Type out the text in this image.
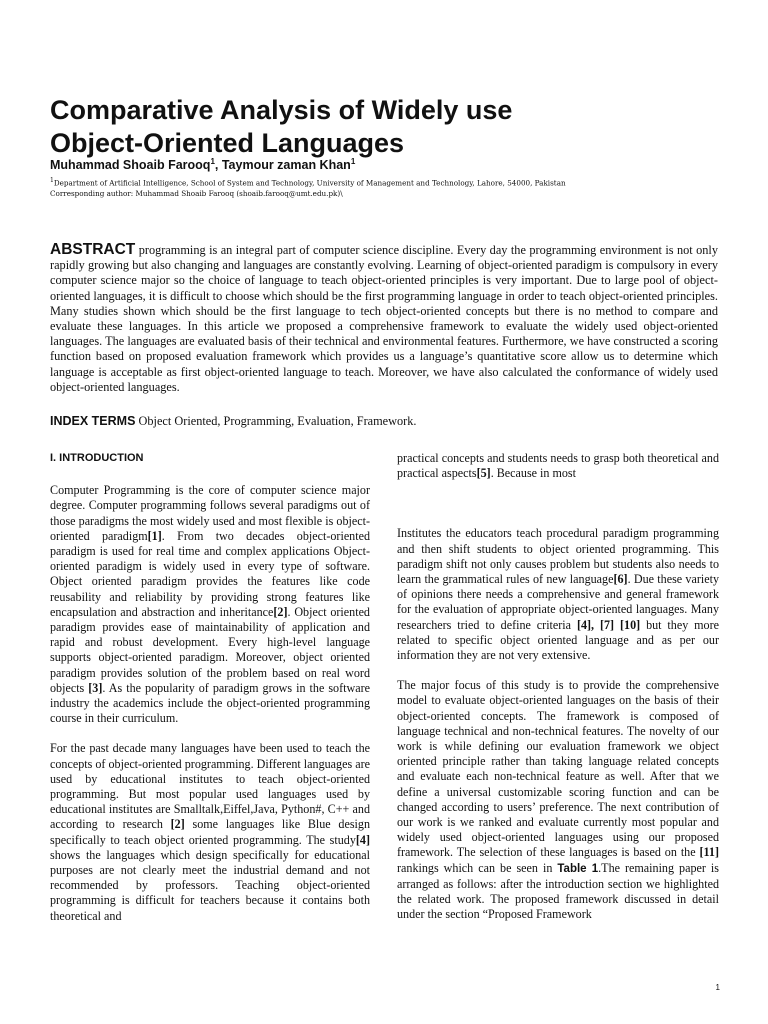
Comparative Analysis of Widely use
Object-Oriented Languages
Muhammad Shoaib Farooq$^1$, Taymour zaman Khan$^1$
$^1$Department of Artificial Intelligence, School of System and Technology, University of Management and Technology, Lahore, 54000, Pakistan
Corresponding author: Muhammad Shoaib Farooq (shoaib.farooq@umt.edu.pk)\

ABSTRACT programming is an integral part of computer science discipline. Every day the programming environment is not only rapidly growing but also changing and languages are constantly evolving. Learning of object-oriented paradigm is compulsory in every computer science major so the choice of language to teach object-oriented principles is very important. Due to large pool of object-oriented languages, it is difficult to choose which should be the first programming language in order to teach object-oriented principles. Many studies shown which should be the first language to tech object-oriented concepts but there is no method to compare and evaluate these languages. In this article we proposed a comprehensive framework to evaluate the widely used object-oriented languages. The languages are evaluated basis of their technical and environmental features. Furthermore, we have constructed a scoring function based on proposed evaluation framework which provides us a language’s quantitative score allow us to determine which language is acceptable as first object-oriented language to teach. Moreover, we have also calculated the conformance of widely used object-oriented languages.

INDEX TERMS Object Oriented, Programming, Evaluation, Framework.

I. INTRODUCTION

Computer Programming is the core of computer science major degree. Computer programming follows several paradigms out of those paradigms the most widely used and most flexible is object-oriented paradigm[1]. From two decades object-oriented paradigm is used for real time and complex applications Object-oriented paradigm is widely used in every type of software. Object oriented paradigm provides the features like code reusability and reliability by providing strong features like encapsulation and abstraction and inheritance[2]. Object oriented paradigm provides ease of maintainability of application and rapid and robust development. Every high-level language supports object-oriented paradigm. Moreover, object oriented paradigm provides solution of the problem based on real word objects [3]. As the popularity of paradigm grows in the software industry the academics include the object-oriented programming course in their curriculum.

For the past decade many languages have been used to teach the concepts of object-oriented programming. Different languages are used by educational institutes to teach object-oriented programming. But most popular used languages used by educational institutes are Smalltalk,Eiffel,Java, Python#, C++ and according to research [2] some languages like Blue design specifically to teach object oriented programming. The study[4] shows the languages which design specifically for educational purposes are not clearly meet the industrial demand and not recommended by professors. Teaching object-oriented programming is difficult for teachers because it contains both theoretical and

practical concepts and students needs to grasp both theoretical and practical aspects[5]. Because in most

Institutes the educators teach procedural paradigm programming and then shift students to object oriented programming. This paradigm shift not only causes problem but students also needs to learn the grammatical rules of new language[6]. Due these variety of opinions there needs a comprehensive and general framework for the evaluation of appropriate object-oriented languages. Many researchers tried to define criteria [4], [7] [10] but they more related to specific object oriented language and as per our information they are not very extensive.

The major focus of this study is to provide the comprehensive model to evaluate object-oriented languages on the basis of their object-oriented concepts. The framework is composed of language technical and non-technical features. The novelty of our work is while defining our evaluation framework we object oriented principle rather than taking language related concepts and evaluate each non-technical feature as well. After that we define a universal customizable scoring function and can be changed according to users’ preference. The next contribution of our work is we ranked and evaluate currently most popular and widely used object-oriented languages using our proposed framework. The selection of these languages is based on the [11] rankings which can be seen in Table 1.The remaining paper is arranged as follows: after the introduction section we highlighted the related work. The proposed framework discussed in detail under the section “Proposed Framework

1
